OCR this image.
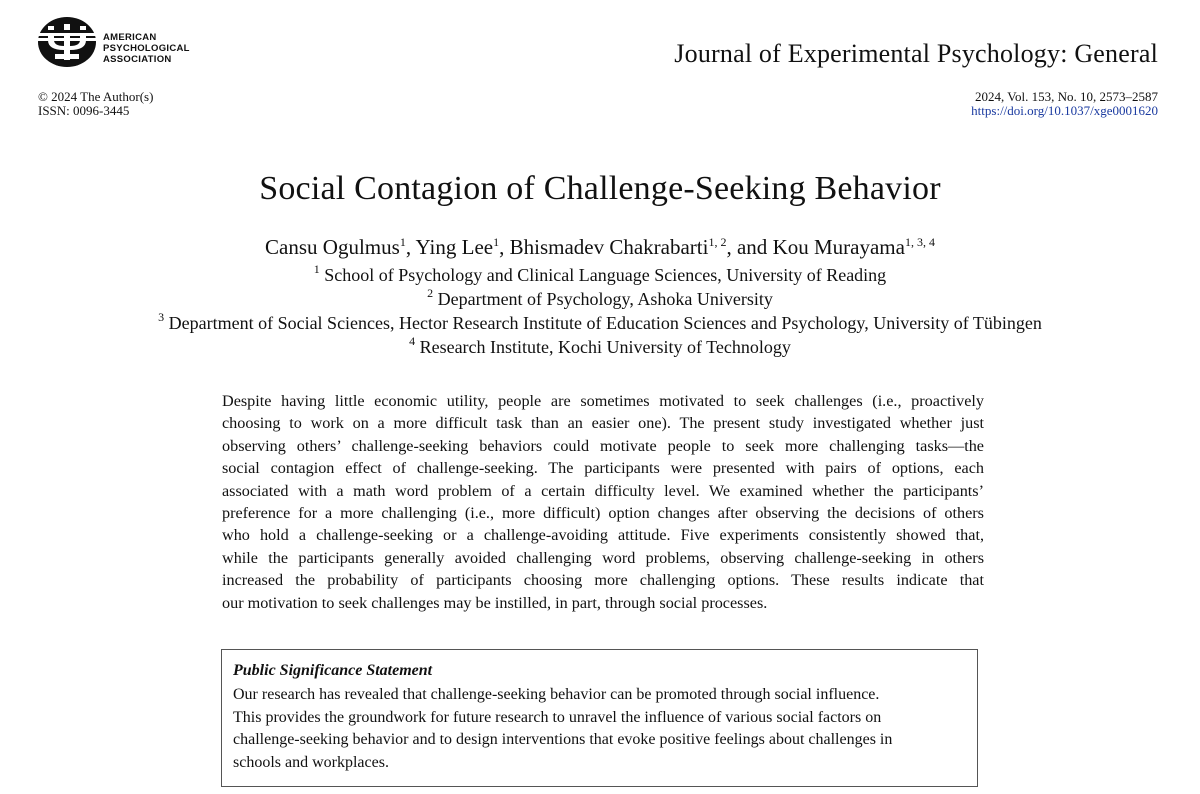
AMERICAN
PSYCHOLOGICAL
ASSOCIATION	Journal of Experimental Psychology: General
© 2024 The Author(s)
ISSN: 0096-3445
2024, Vol. 153, No. 10, 2573–2587
https://doi.org/10.1037/xge0001620
Social Contagion of Challenge-Seeking Behavior
Cansu Ogulmus$^1$, Ying Lee$^1$, Bhismadev Chakrabarti$^{1, 2}$, and Kou Murayama$^{1, 3, 4}$
$^1$ School of Psychology and Clinical Language Sciences, University of Reading
$^2$ Department of Psychology, Ashoka University
$^3$ Department of Social Sciences, Hector Research Institute of Education Sciences and Psychology, University of Tübingen
$^4$ Research Institute, Kochi University of Technology
Despite having little economic utility, people are sometimes motivated to seek challenges (i.e., proactively
choosing to work on a more difficult task than an easier one). The present study investigated whether just
observing others’ challenge-seeking behaviors could motivate people to seek more challenging tasks—the
social contagion effect of challenge-seeking. The participants were presented with pairs of options, each
associated with a math word problem of a certain difficulty level. We examined whether the participants’
preference for a more challenging (i.e., more difficult) option changes after observing the decisions of others
who hold a challenge-seeking or a challenge-avoiding attitude. Five experiments consistently showed that,
while the participants generally avoided challenging word problems, observing challenge-seeking in others
increased the probability of participants choosing more challenging options. These results indicate that
our motivation to seek challenges may be instilled, in part, through social processes.
Public Significance Statement
Our research has revealed that challenge-seeking behavior can be promoted through social influence.
This provides the groundwork for future research to unravel the influence of various social factors on
challenge-seeking behavior and to design interventions that evoke positive feelings about challenges in
schools and workplaces.
